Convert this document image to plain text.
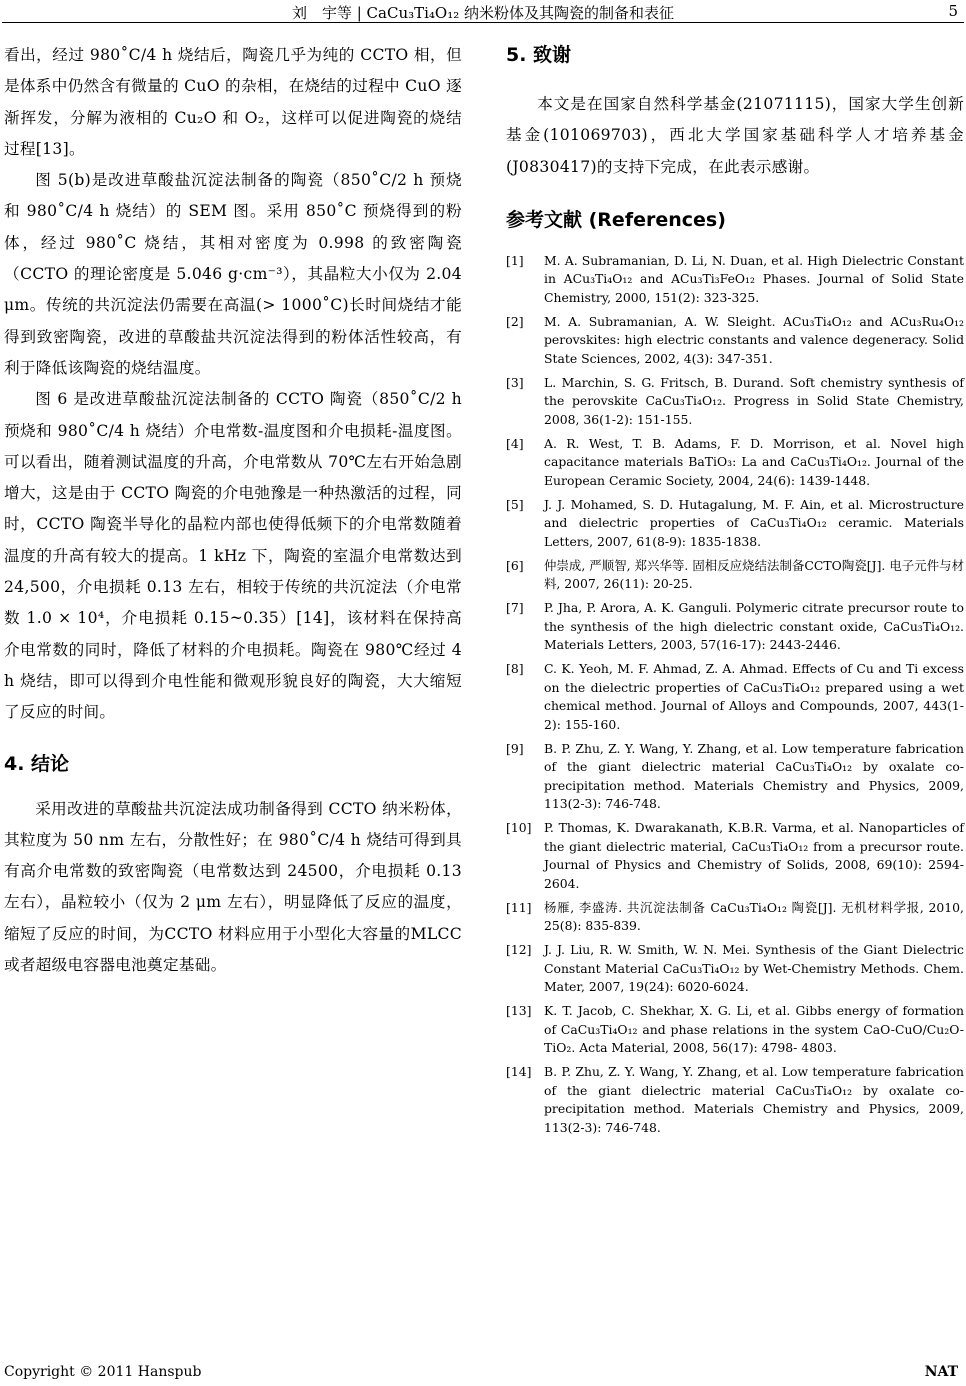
刘　宇等 | CaCu₃Ti₄O₁₂ 纳米粉体及其陶瓷的制备和表征	5

看出，经过 980˚C/4 h 烧结后，陶瓷几乎为纯的 CCTO 相，但是体系中仍然含有微量的 CuO 的杂相，在烧结的过程中 CuO 逐渐挥发，分解为液相的 Cu₂O 和 O₂，这样可以促进陶瓷的烧结过程[13]。

图 5(b)是改进草酸盐沉淀法制备的陶瓷（850˚C/2 h 预烧和 980˚C/4 h 烧结）的 SEM 图。采用 850˚C 预烧得到的粉体，经过 980˚C 烧结，其相对密度为 0.998 的致密陶瓷（CCTO 的理论密度是 5.046 g·cm⁻³），其晶粒大小仅为 2.04 μm。传统的共沉淀法仍需要在高温(> 1000˚C)长时间烧结才能得到致密陶瓷，改进的草酸盐共沉淀法得到的粉体活性较高，有利于降低该陶瓷的烧结温度。

图 6 是改进草酸盐沉淀法制备的 CCTO 陶瓷（850˚C/2 h 预烧和 980˚C/4 h 烧结）介电常数-温度图和介电损耗-温度图。可以看出，随着测试温度的升高，介电常数从 70℃左右开始急剧增大，这是由于 CCTO 陶瓷的介电弛豫是一种热激活的过程，同时，CCTO 陶瓷半导化的晶粒内部也使得低频下的介电常数随着温度的升高有较大的提高。1 kHz 下，陶瓷的室温介电常数达到 24,500，介电损耗 0.13 左右，相较于传统的共沉淀法（介电常数 1.0 × 10⁴，介电损耗 0.15~0.35）[14]，该材料在保持高介电常数的同时，降低了材料的介电损耗。陶瓷在 980℃经过 4 h 烧结，即可以得到介电性能和微观形貌良好的陶瓷，大大缩短了反应的时间。

4. 结论

采用改进的草酸盐共沉淀法成功制备得到 CCTO 纳米粉体，其粒度为 50 nm 左右，分散性好；在 980˚C/4 h 烧结可得到具有高介电常数的致密陶瓷（电常数达到 24500，介电损耗 0.13 左右），晶粒较小（仅为 2 μm 左右），明显降低了反应的温度，缩短了反应的时间，为CCTO 材料应用于小型化大容量的MLCC 或者超级电容器电池奠定基础。

5. 致谢

本文是在国家自然科学基金(21071115)，国家大学生创新基金(101069703)，西北大学国家基础科学人才培养基金(J0830417)的支持下完成，在此表示感谢。

参考文献 (References)
[1]	M. A. Subramanian, D. Li, N. Duan, et al. High Dielectric Constant in ACu₃Ti₄O₁₂ and ACu₃Ti₃FeO₁₂ Phases. Journal of Solid State Chemistry, 2000, 151(2): 323-325.
[2]	M. A. Subramanian, A. W. Sleight. ACu₃Ti₄O₁₂ and ACu₃Ru₄O₁₂ perovskites: high electric constants and valence degeneracy. Solid State Sciences, 2002, 4(3): 347-351.
[3]	L. Marchin, S. G. Fritsch, B. Durand. Soft chemistry synthesis of the perovskite CaCu₃Ti₄O₁₂. Progress in Solid State Chemistry, 2008, 36(1-2): 151-155.
[4]	A. R. West, T. B. Adams, F. D. Morrison, et al. Novel high capacitance materials BaTiO₃: La and CaCu₃Ti₄O₁₂. Journal of the European Ceramic Society, 2004, 24(6): 1439-1448.
[5]	J. J. Mohamed, S. D. Hutagalung, M. F. Ain, et al. Microstructure and dielectric properties of CaCu₃Ti₄O₁₂ ceramic. Materials Letters, 2007, 61(8-9): 1835-1838.
[6]	仲崇成, 严顺智, 郑兴华等. 固相反应烧结法制备CCTO陶瓷[J]. 电子元件与材料, 2007, 26(11): 20-25.
[7]	P. Jha, P. Arora, A. K. Ganguli. Polymeric citrate precursor route to the synthesis of the high dielectric constant oxide, CaCu₃Ti₄O₁₂. Materials Letters, 2003, 57(16-17): 2443-2446.
[8]	C. K. Yeoh, M. F. Ahmad, Z. A. Ahmad. Effects of Cu and Ti excess on the dielectric properties of CaCu₃Ti₄O₁₂ prepared using a wet chemical method. Journal of Alloys and Compounds, 2007, 443(1-2): 155-160.
[9]	B. P. Zhu, Z. Y. Wang, Y. Zhang, et al. Low temperature fabrication of the giant dielectric material CaCu₃Ti₄O₁₂ by oxalate co-precipitation method. Materials Chemistry and Physics, 2009, 113(2-3): 746-748.
[10]	P. Thomas, K. Dwarakanath, K.B.R. Varma, et al. Nanoparticles of the giant dielectric material, CaCu₃Ti₄O₁₂ from a precursor route. Journal of Physics and Chemistry of Solids, 2008, 69(10): 2594-2604.
[11]	杨雁, 李盛涛. 共沉淀法制备 CaCu₃Ti₄O₁₂ 陶瓷[J]. 无机材料学报, 2010, 25(8): 835-839.
[12]	J. J. Liu, R. W. Smith, W. N. Mei. Synthesis of the Giant Dielectric Constant Material CaCu₃Ti₄O₁₂ by Wet-Chemistry Methods. Chem. Mater, 2007, 19(24): 6020-6024.
[13]	K. T. Jacob, C. Shekhar, X. G. Li, et al. Gibbs energy of formation of CaCu₃Ti₄O₁₂ and phase relations in the system CaO-CuO/Cu₂O-TiO₂. Acta Material, 2008, 56(17): 4798- 4803.
[14]	B. P. Zhu, Z. Y. Wang, Y. Zhang, et al. Low temperature fabrication of the giant dielectric material CaCu₃Ti₄O₁₂ by oxalate co-precipitation method. Materials Chemistry and Physics, 2009, 113(2-3): 746-748.
Copyright © 2011 Hanspub	NAT
